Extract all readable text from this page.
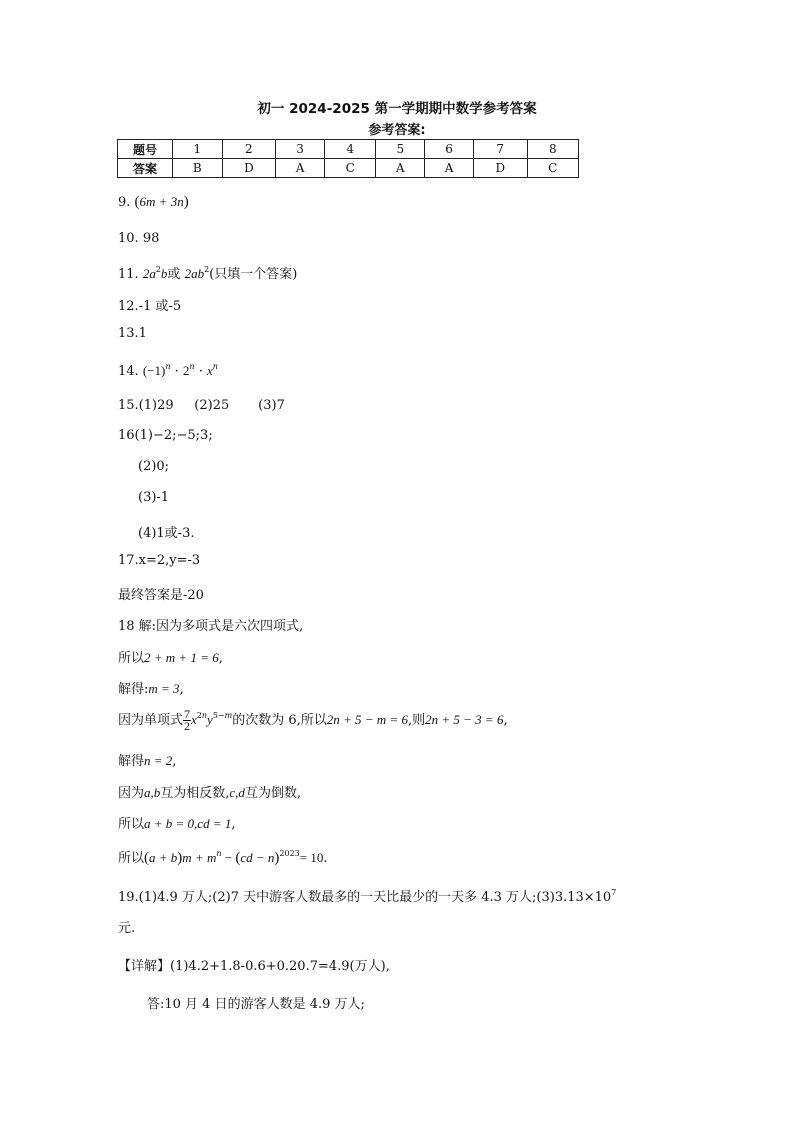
初一 2024-2025 第一学期期中数学参考答案
参考答案:
题号	1	2	3	4	5	6	7	8
答案	B	D	A	C	A	A	D	C
9. (6m + 3n)
10. 98
11. $2a^2b$或 $2ab^2$(只填一个答案)
12.-1 或-5
13.1
14. $(-1)^n \cdot 2^n \cdot x^n$
15.(1)29     (2)25       (3)7
16(1)−2;−5;3;
(2)0;
(3)-1
(4)1或-3.
17.x=2,y=-3
最终答案是-20
18 解:因为多项式是六次四项式,
所以2 + m + 1 = 6,
解得:m = 3,
因为单项式 $\frac{7}{2} x^{2n}y^{5-m}$的次数为 6,所以2n + 5 − m = 6,则2n + 5 − 3 = 6,
解得n = 2,
因为a,b互为相反数,c,d互为倒数,
所以a + b = 0,cd = 1,
所以$(a + b)m + m^n - (cd - n)^{2023}= 10$.
19.(1)4.9 万人;(2)7 天中游客人数最多的一天比最少的一天多 4.3 万人$;(3)3.13\times 10^7$
元.
【详解】(1)4.2+1.8-0.6+0.20.7=4.9(万人),
答:10 月 4 日的游客人数是 4.9 万人;
